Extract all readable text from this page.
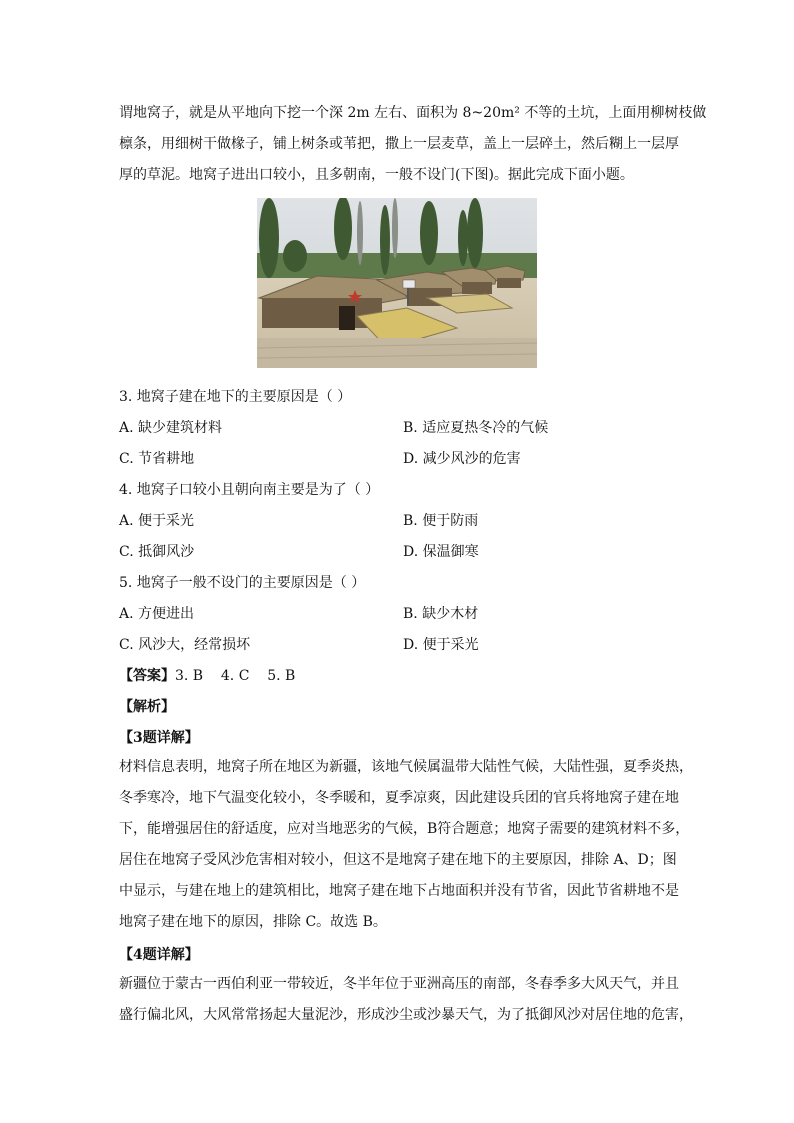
谓地窝子，就是从平地向下挖一个深 2m 左右、面积为 8~20m² 不等的土坑，上面用柳树枝做
檩条，用细树干做椽子，铺上树条或苇把，撒上一层麦草，盖上一层碎土，然后糊上一层厚
厚的草泥。地窝子进出口较小，且多朝南，一般不设门(下图)。据此完成下面小题。
3. 地窝子建在地下的主要原因是（ ）
A. 缺少建筑材料	B. 适应夏热冬冷的气候
C. 节省耕地	D. 减少风沙的危害
4. 地窝子口较小且朝向南主要是为了（ ）
A. 便于采光	B. 便于防雨
C. 抵御风沙	D. 保温御寒
5. 地窝子一般不设门的主要原因是（ ）
A. 方便进出	B. 缺少木材
C. 风沙大，经常损坏	D. 便于采光
【答案】3. B    4. C    5. B
【解析】
【3题详解】
材料信息表明，地窝子所在地区为新疆，该地气候属温带大陆性气候，大陆性强，夏季炎热，
冬季寒冷，地下气温变化较小，冬季暖和，夏季凉爽，因此建设兵团的官兵将地窝子建在地
下，能增强居住的舒适度，应对当地恶劣的气候，B符合题意；地窝子需要的建筑材料不多，
居住在地窝子受风沙危害相对较小，但这不是地窝子建在地下的主要原因，排除 A、D；图
中显示，与建在地上的建筑相比，地窝子建在地下占地面积并没有节省，因此节省耕地不是
地窝子建在地下的原因，排除 C。故选 B。
【4题详解】
新疆位于蒙古一西伯利亚一带较近，冬半年位于亚洲高压的南部，冬春季多大风天气，并且
盛行偏北风，大风常常扬起大量泥沙，形成沙尘或沙暴天气，为了抵御风沙对居住地的危害，
